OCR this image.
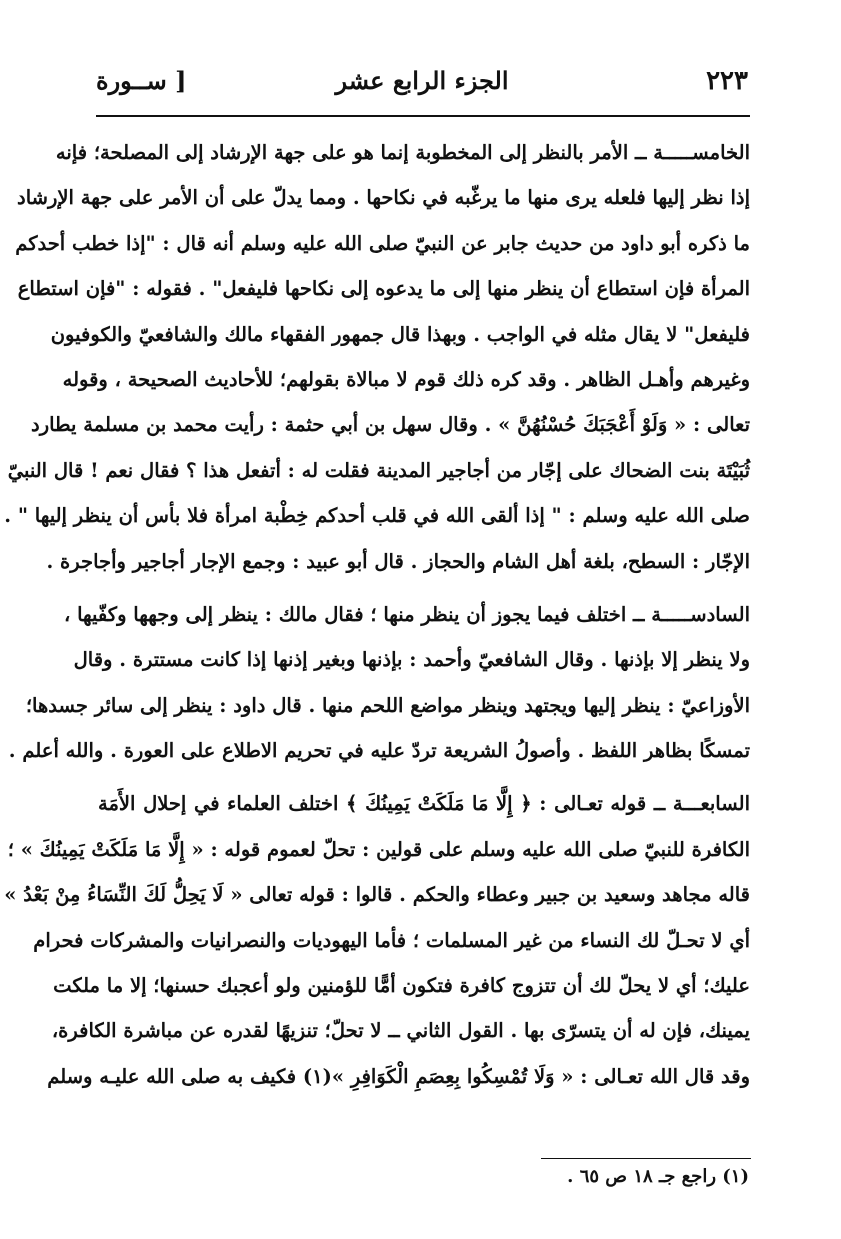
٢٢٣
الجزء الرابع عشر
[ ســورة
الخامســـــة ــ الأمر بالنظر إلى المخطوبة إنما هو على جهة الإرشاد إلى المصلحة؛ فإنه
إذا نظر إليها فلعله يرى منها ما يرغّبه في نكاحها . ومما يدلّ على أن الأمر على جهة الإرشاد
ما ذكره أبو داود من حديث جابر عن النبيّ صلى الله عليه وسلم أنه قال : "إذا خطب أحدكم
المرأة فإن استطاع أن ينظر منها إلى ما يدعوه إلى نكاحها فليفعل" . فقوله : "فإن استطاع
فليفعل" لا يقال مثله في الواجب . وبهذا قال جمهور الفقهاء مالك والشافعيّ والكوفيون
وغيرهم وأهـل الظاهر . وقد كره ذلك قوم لا مبالاة بقولهم؛ للأحاديث الصحيحة ، وقوله
تعالى : « وَلَوْ أَعْجَبَكَ حُسْنُهُنَّ » . وقال سهل بن أبي حثمة : رأيت محمد بن مسلمة يطارد
ثُبَيْتَة بنت الضحاك على إجّار من أجاجير المدينة فقلت له : أتفعل هذا ؟ فقال نعم ! قال النبيّ
صلى الله عليه وسلم : " إذا ألقى الله في قلب أحدكم خِطْبة امرأة فلا بأس أن ينظر إليها " .
الإجّار : السطح، بلغة أهل الشام والحجاز . قال أبو عبيد : وجمع الإجار أجاجير وأجاجرة .
السادســـــة ــ اختلف فيما يجوز أن ينظر منها ؛ فقال مالك : ينظر إلى وجهها وكفّيها ،
ولا ينظر إلا بإذنها . وقال الشافعيّ وأحمد : بإذنها وبغير إذنها إذا كانت مستترة . وقال
الأوزاعيّ : ينظر إليها ويجتهد وينظر مواضع اللحم منها . قال داود : ينظر إلى سائر جسدها؛
تمسكًا بظاهر اللفظ . وأصولُ الشريعة تردّ عليه في تحريم الاطلاع على العورة . والله أعلم .
السابعـــة ــ قوله تعـالى : ﴿ إِلَّا مَا مَلَكَتْ يَمِينُكَ ﴾ اختلف العلماء في إحلال الأَمَة
الكافرة للنبيّ صلى الله عليه وسلم على قولين : تحلّ لعموم قوله : « إِلَّا مَا مَلَكَتْ يَمِينُكَ » ؛
قاله مجاهد وسعيد بن جبير وعطاء والحكم . قالوا : قوله تعالى « لَا يَحِلُّ لَكَ النِّسَاءُ مِنْ بَعْدُ »
أي لا تحـلّ لك النساء من غير المسلمات ؛ فأما اليهوديات والنصرانيات والمشركات فحرام
عليك؛ أي لا يحلّ لك أن تتزوج كافرة فتكون أمًّا للؤمنين ولو أعجبك حسنها؛ إلا ما ملكت
يمينك، فإن له أن يتسرّى بها . القول الثاني ــ لا تحلّ؛ تنزيهًا لقدره عن مباشرة الكافرة،
وقد قال الله تعـالى : « وَلَا تُمْسِكُوا بِعِصَمِ الْكَوَافِرِ »(١) فكيف به صلى الله عليـه وسلم
(١) راجع جـ ١٨ ص ٦٥ .
